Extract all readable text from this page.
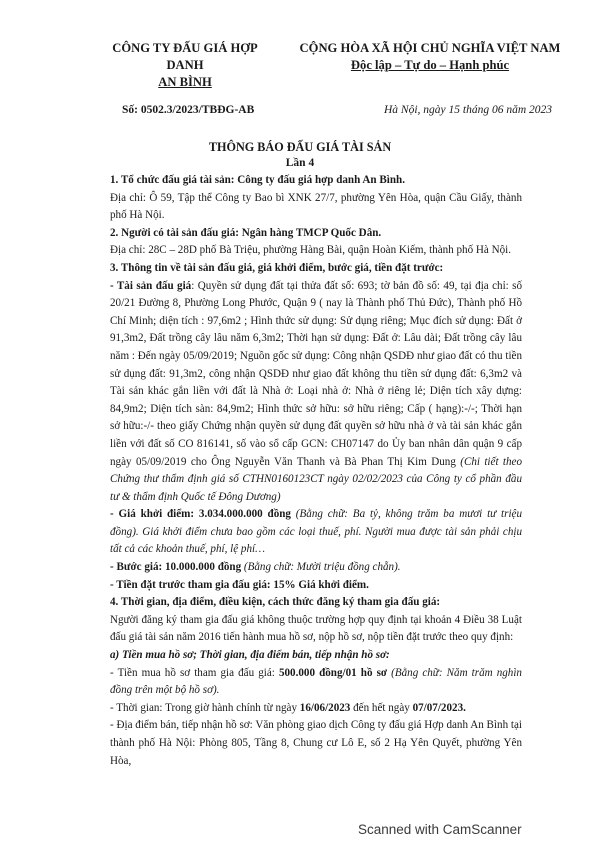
CÔNG TY ĐẤU GIÁ HỢP DANH
AN BÌNH
CỘNG HÒA XÃ HỘI CHỦ NGHĨA VIỆT NAM
Độc lập – Tự do – Hạnh phúc
Số: 0502.3/2023/TBĐG-AB	Hà Nội, ngày 15 tháng 06 năm 2023
THÔNG BÁO ĐẤU GIÁ TÀI SẢN
Lần 4

1. Tổ chức đấu giá tài sản: Công ty đấu giá hợp danh An Bình.

Địa chỉ: Ô 59, Tập thể Công ty Bao bì XNK 27/7, phường Yên Hòa, quận Cầu Giấy, thành phố Hà Nội.

2. Người có tài sản đấu giá: Ngân hàng TMCP Quốc Dân.

Địa chỉ: 28C – 28D phố Bà Triệu, phường Hàng Bài, quận Hoàn Kiếm, thành phố Hà Nội.

3. Thông tin về tài sản đấu giá, giá khởi điểm, bước giá, tiền đặt trước:

- Tài sản đấu giá: Quyền sử dụng đất tại thửa đất số: 693; tờ bản đồ số: 49, tại địa chỉ: số 20/21 Đường 8, Phường Long Phước, Quận 9 ( nay là Thành phố Thủ Đức), Thành phố Hồ Chí Minh; diện tích : 97,6m2 ; Hình thức sử dụng: Sử dụng riêng; Mục đích sử dụng: Đất ở 91,3m2, Đất trồng cây lâu năm 6,3m2; Thời hạn sử dụng: Đất ở: Lâu dài; Đất trồng cây lâu năm : Đến ngày 05/09/2019; Nguồn gốc sử dụng: Công nhận QSDĐ như giao đất có thu tiền sử dụng đất: 91,3m2, công nhận QSDĐ như giao đất không thu tiền sử dụng đất: 6,3m2 và Tài sản khác gắn liền với đất là Nhà ở: Loại nhà ở: Nhà ở riêng lẻ; Diện tích xây dựng: 84,9m2; Diện tích sàn: 84,9m2; Hình thức sở hữu: sở hữu riêng; Cấp ( hạng):-/-; Thời hạn sở hữu:-/- theo giấy Chứng nhận quyền sử dụng đất quyền sở hữu nhà ở và tài sản khác gắn liền với đất số CO 816141, số vào sổ cấp GCN: CH07147 do Ủy ban nhân dân quận 9 cấp ngày 05/09/2019 cho Ông Nguyễn Văn Thanh và Bà Phan Thị Kim Dung (Chi tiết theo Chứng thư thẩm định giá số CTHN0160123CT ngày 02/02/2023 của Công ty cổ phần đầu tư & thẩm định Quốc tế Đông Dương)

- Giá khởi điểm: 3.034.000.000 đồng (Bằng chữ: Ba tỷ, không trăm ba mươi tư triệu đồng). Giá khởi điểm chưa bao gồm các loại thuế, phí. Người mua được tài sản phải chịu tất cả các khoản thuế, phí, lệ phí…

- Bước giá: 10.000.000 đồng (Bằng chữ: Mười triệu đồng chẵn).

- Tiền đặt trước tham gia đấu giá: 15% Giá khởi điểm.

4. Thời gian, địa điểm, điều kiện, cách thức đăng ký tham gia đấu giá:

Người đăng ký tham gia đấu giá không thuộc trường hợp quy định tại khoản 4 Điều 38 Luật đấu giá tài sản năm 2016 tiến hành mua hồ sơ, nộp hồ sơ, nộp tiền đặt trước theo quy định:

a) Tiền mua hồ sơ; Thời gian, địa điểm bán, tiếp nhận hồ sơ:

- Tiền mua hồ sơ tham gia đấu giá: 500.000 đồng/01 hồ sơ (Bằng chữ: Năm trăm nghìn đồng trên một bộ hồ sơ).

- Thời gian: Trong giờ hành chính từ ngày 16/06/2023 đến hết ngày 07/07/2023.

- Địa điểm bán, tiếp nhận hồ sơ: Văn phòng giao dịch Công ty đấu giá Hợp danh An Bình tại thành phố Hà Nội: Phòng 805, Tầng 8, Chung cư Lô E, số 2 Hạ Yên Quyết, phường Yên Hòa,

Scanned with CamScanner
